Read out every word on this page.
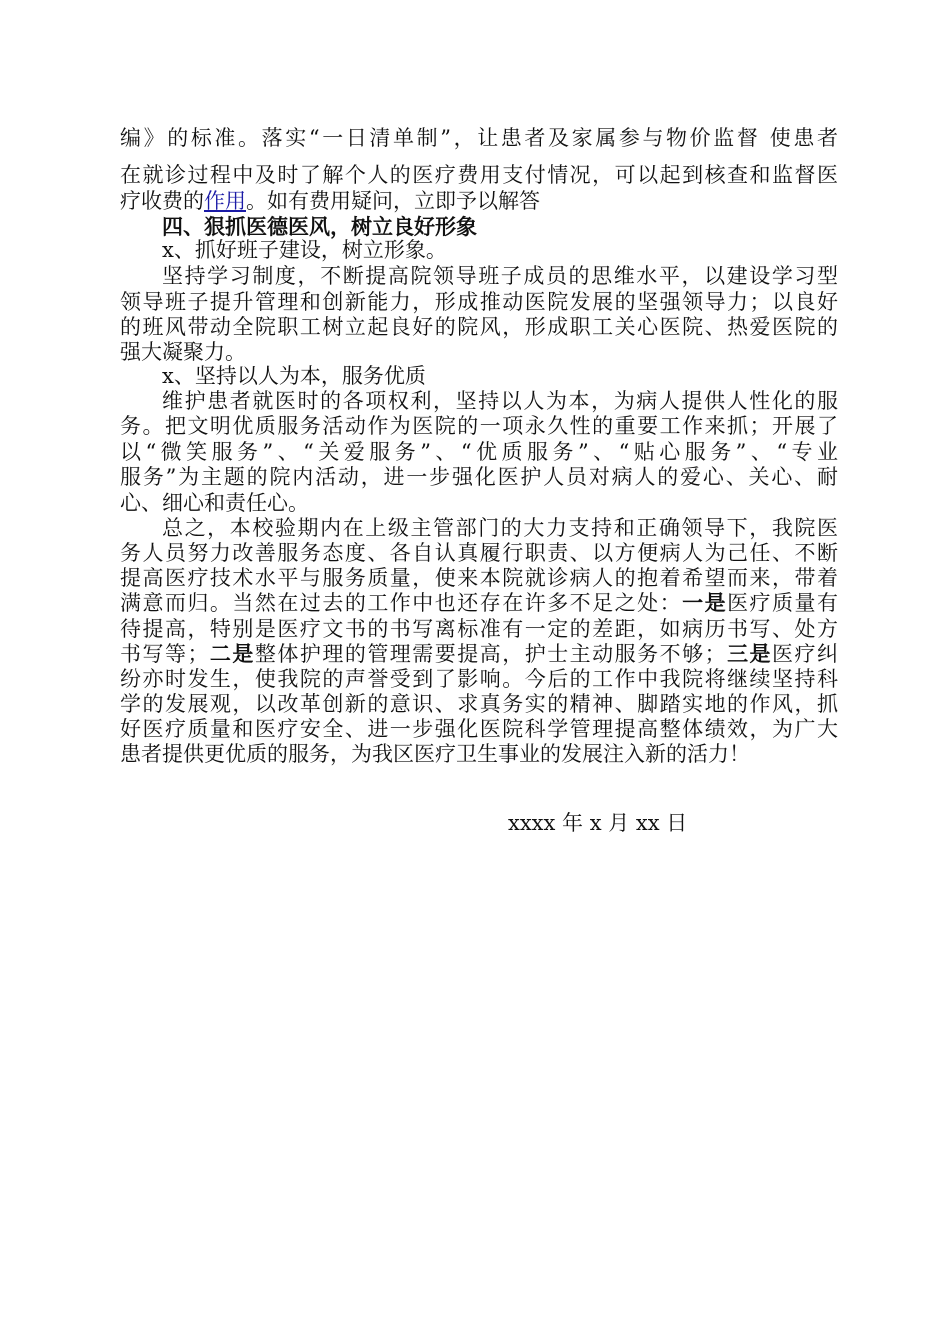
编》的标准。落实“一日清单制”，让患者及家属参与物价监督 使患者
在就诊过程中及时了解个人的医疗费用支付情况，可以起到核查和监督医
疗收费的作用。如有费用疑问，立即予以解答
四、狠抓医德医风，树立良好形象
x、抓好班子建设，树立形象。
坚持学习制度，不断提高院领导班子成员的思维水平，以建设学习型
领导班子提升管理和创新能力，形成推动医院发展的坚强领导力；以良好
的班风带动全院职工树立起良好的院风，形成职工关心医院、热爱医院的
强大凝聚力。
x、坚持以人为本，服务优质
维护患者就医时的各项权利，坚持以人为本，为病人提供人性化的服
务。把文明优质服务活动作为医院的一项永久性的重要工作来抓；开展了
以“微笑服务”、“关爱服务”、“优质服务”、“贴心服务”、“专业
服务”为主题的院内活动，进一步强化医护人员对病人的爱心、关心、耐
心、细心和责任心。
总之，本校验期内在上级主管部门的大力支持和正确领导下，我院医
务人员努力改善服务态度、各自认真履行职责、以方便病人为己任、不断
提高医疗技术水平与服务质量，使来本院就诊病人的抱着希望而来，带着
满意而归。当然在过去的工作中也还存在许多不足之处：一是医疗质量有
待提高，特别是医疗文书的书写离标准有一定的差距，如病历书写、处方
书写等；二是整体护理的管理需要提高，护士主动服务不够；三是医疗纠
纷亦时发生，使我院的声誉受到了影响。今后的工作中我院将继续坚持科
学的发展观，以改革创新的意识、求真务实的精神、脚踏实地的作风，抓
好医疗质量和医疗安全、进一步强化医院科学管理提高整体绩效，为广大
患者提供更优质的服务，为我区医疗卫生事业的发展注入新的活力！
xxxx 年 x 月 xx 日
